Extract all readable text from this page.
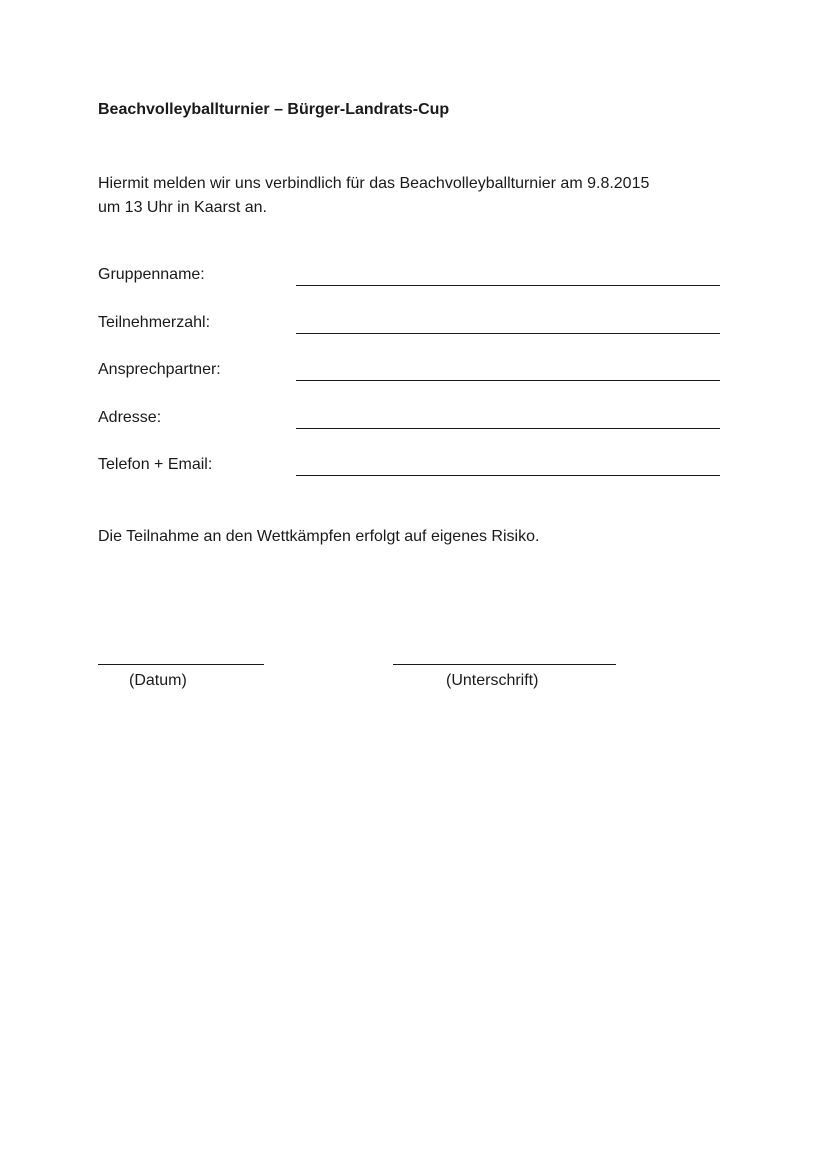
Beachvolleyballturnier – Bürger-Landrats-Cup
Hiermit melden wir uns verbindlich für das Beachvolleyballturnier am 9.8.2015
um 13 Uhr in Kaarst an.
Gruppenname:
Teilnehmerzahl:
Ansprechpartner:
Adresse:
Telefon + Email:
Die Teilnahme an den Wettkämpfen erfolgt auf eigenes Risiko.
(Datum)	(Unterschrift)
